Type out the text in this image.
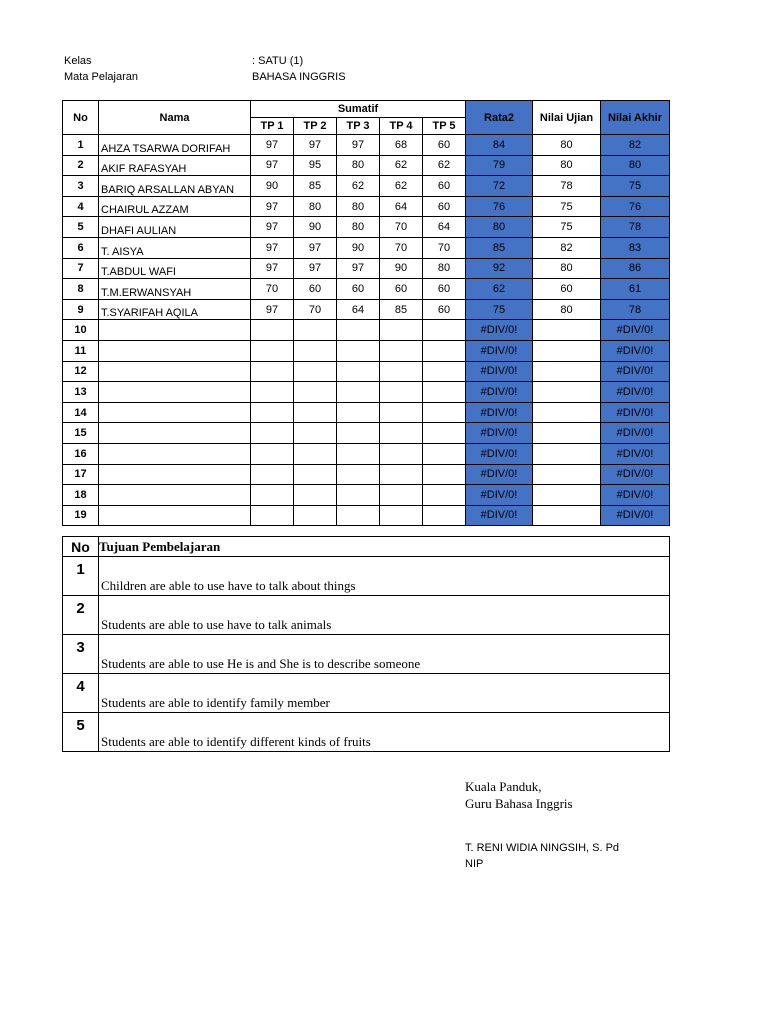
Kelas	: SATU (1)
Mata Pelajaran	BAHASA INGGRIS
No	Nama	Sumatif					Rata2	Nilai Ujian	Nilai Akhir
		TP 1	TP 2	TP 3	TP 4	TP 5			
1	AHZA TSARWA DORIFAH	97	97	97	68	60	84	80	82
2	AKIF RAFASYAH	97	95	80	62	62	79	80	80
3	BARIQ ARSALLAN ABYAN	90	85	62	62	60	72	78	75
4	CHAIRUL AZZAM	97	80	80	64	60	76	75	76
5	DHAFI AULIAN	97	90	80	70	64	80	75	78
6	T. AISYA	97	97	90	70	70	85	82	83
7	T.ABDUL WAFI	97	97	97	90	80	92	80	86
8	T.M.ERWANSYAH	70	60	60	60	60	62	60	61
9	T.SYARIFAH AQILA	97	70	64	85	60	75	80	78
10							#DIV/0!		#DIV/0!
11							#DIV/0!		#DIV/0!
12							#DIV/0!		#DIV/0!
13							#DIV/0!		#DIV/0!
14							#DIV/0!		#DIV/0!
15							#DIV/0!		#DIV/0!
16							#DIV/0!		#DIV/0!
17							#DIV/0!		#DIV/0!
18							#DIV/0!		#DIV/0!
19							#DIV/0!		#DIV/0!
No	Tujuan Pembelajaran
1	Children are able to use have to talk about things
2	Students are able to use have to talk animals
3	Students are able to use He is and She is to describe someone
4	Students are able to identify family member
5	Students are able to identify different kinds of fruits
Kuala Panduk,
Guru Bahasa Inggris
T. RENI WIDIA NINGSIH, S. Pd
NIP
